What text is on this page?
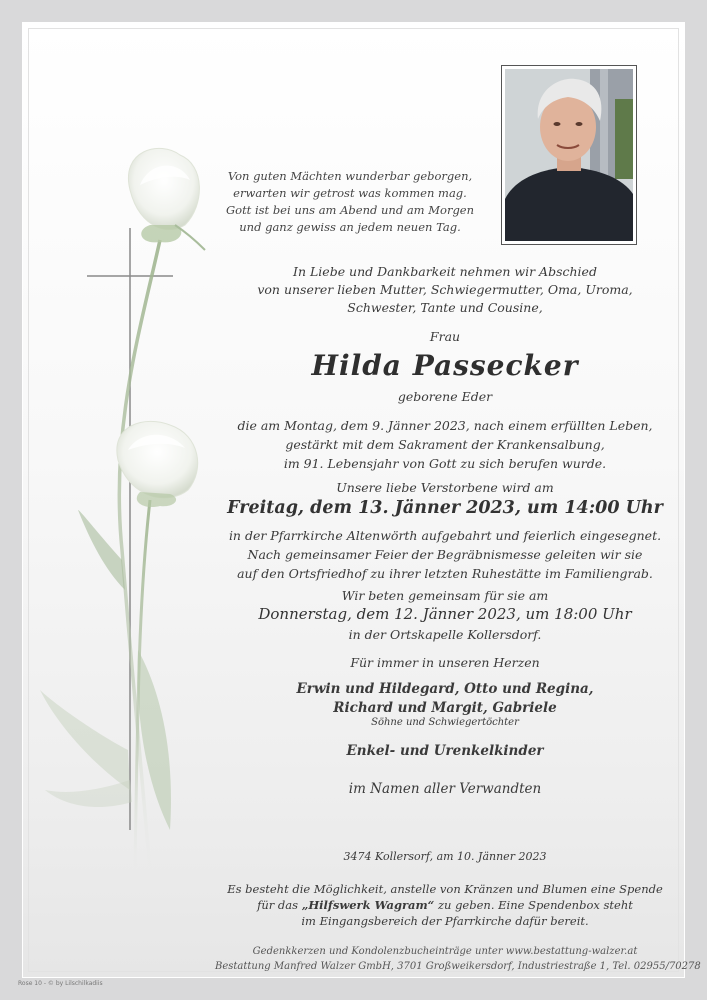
Von guten Mächten wunderbar geborgen,
erwarten wir getrost was kommen mag.
Gott ist bei uns am Abend und am Morgen
und ganz gewiss an jedem neuen Tag.
In Liebe und Dankbarkeit nehmen wir Abschied
von unserer lieben Mutter, Schwiegermutter, Oma, Uroma,
Schwester, Tante und Cousine,
Frau
Hilda Passecker
geborene Eder
die am Montag, dem 9. Jänner 2023, nach einem erfüllten Leben,
gestärkt mit dem Sakrament der Krankensalbung,
im 91. Lebensjahr von Gott zu sich berufen wurde.
Unsere liebe Verstorbene wird am
Freitag, dem 13. Jänner 2023, um 14:00 Uhr
in der Pfarrkirche Altenwörth aufgebahrt und feierlich eingesegnet.
Nach gemeinsamer Feier der Begräbnismesse geleiten wir sie
auf den Ortsfriedhof zu ihrer letzten Ruhestätte im Familiengrab.
Wir beten gemeinsam für sie am
Donnerstag, dem 12. Jänner 2023, um 18:00 Uhr
in der Ortskapelle Kollersdorf.
Für immer in unseren Herzen
Erwin und Hildegard, Otto und Regina,
Richard und Margit, Gabriele
Söhne und Schwiegertöchter
Enkel- und Urenkelkinder
im Namen aller Verwandten
3474 Kollersorf, am 10. Jänner 2023
Es besteht die Möglichkeit, anstelle von Kränzen und Blumen eine Spende
für das „Hilfswerk Wagram“ zu geben. Eine Spendenbox steht
im Eingangsbereich der Pfarrkirche dafür bereit.
Gedenkkerzen und Kondolenzbucheinträge unter www.bestattung-walzer.at
Bestattung Manfred Walzer GmbH, 3701 Großweikersdorf, Industriestraße 1, Tel. 02955/70278
Rose 10 - © by Lilschilkadiis
